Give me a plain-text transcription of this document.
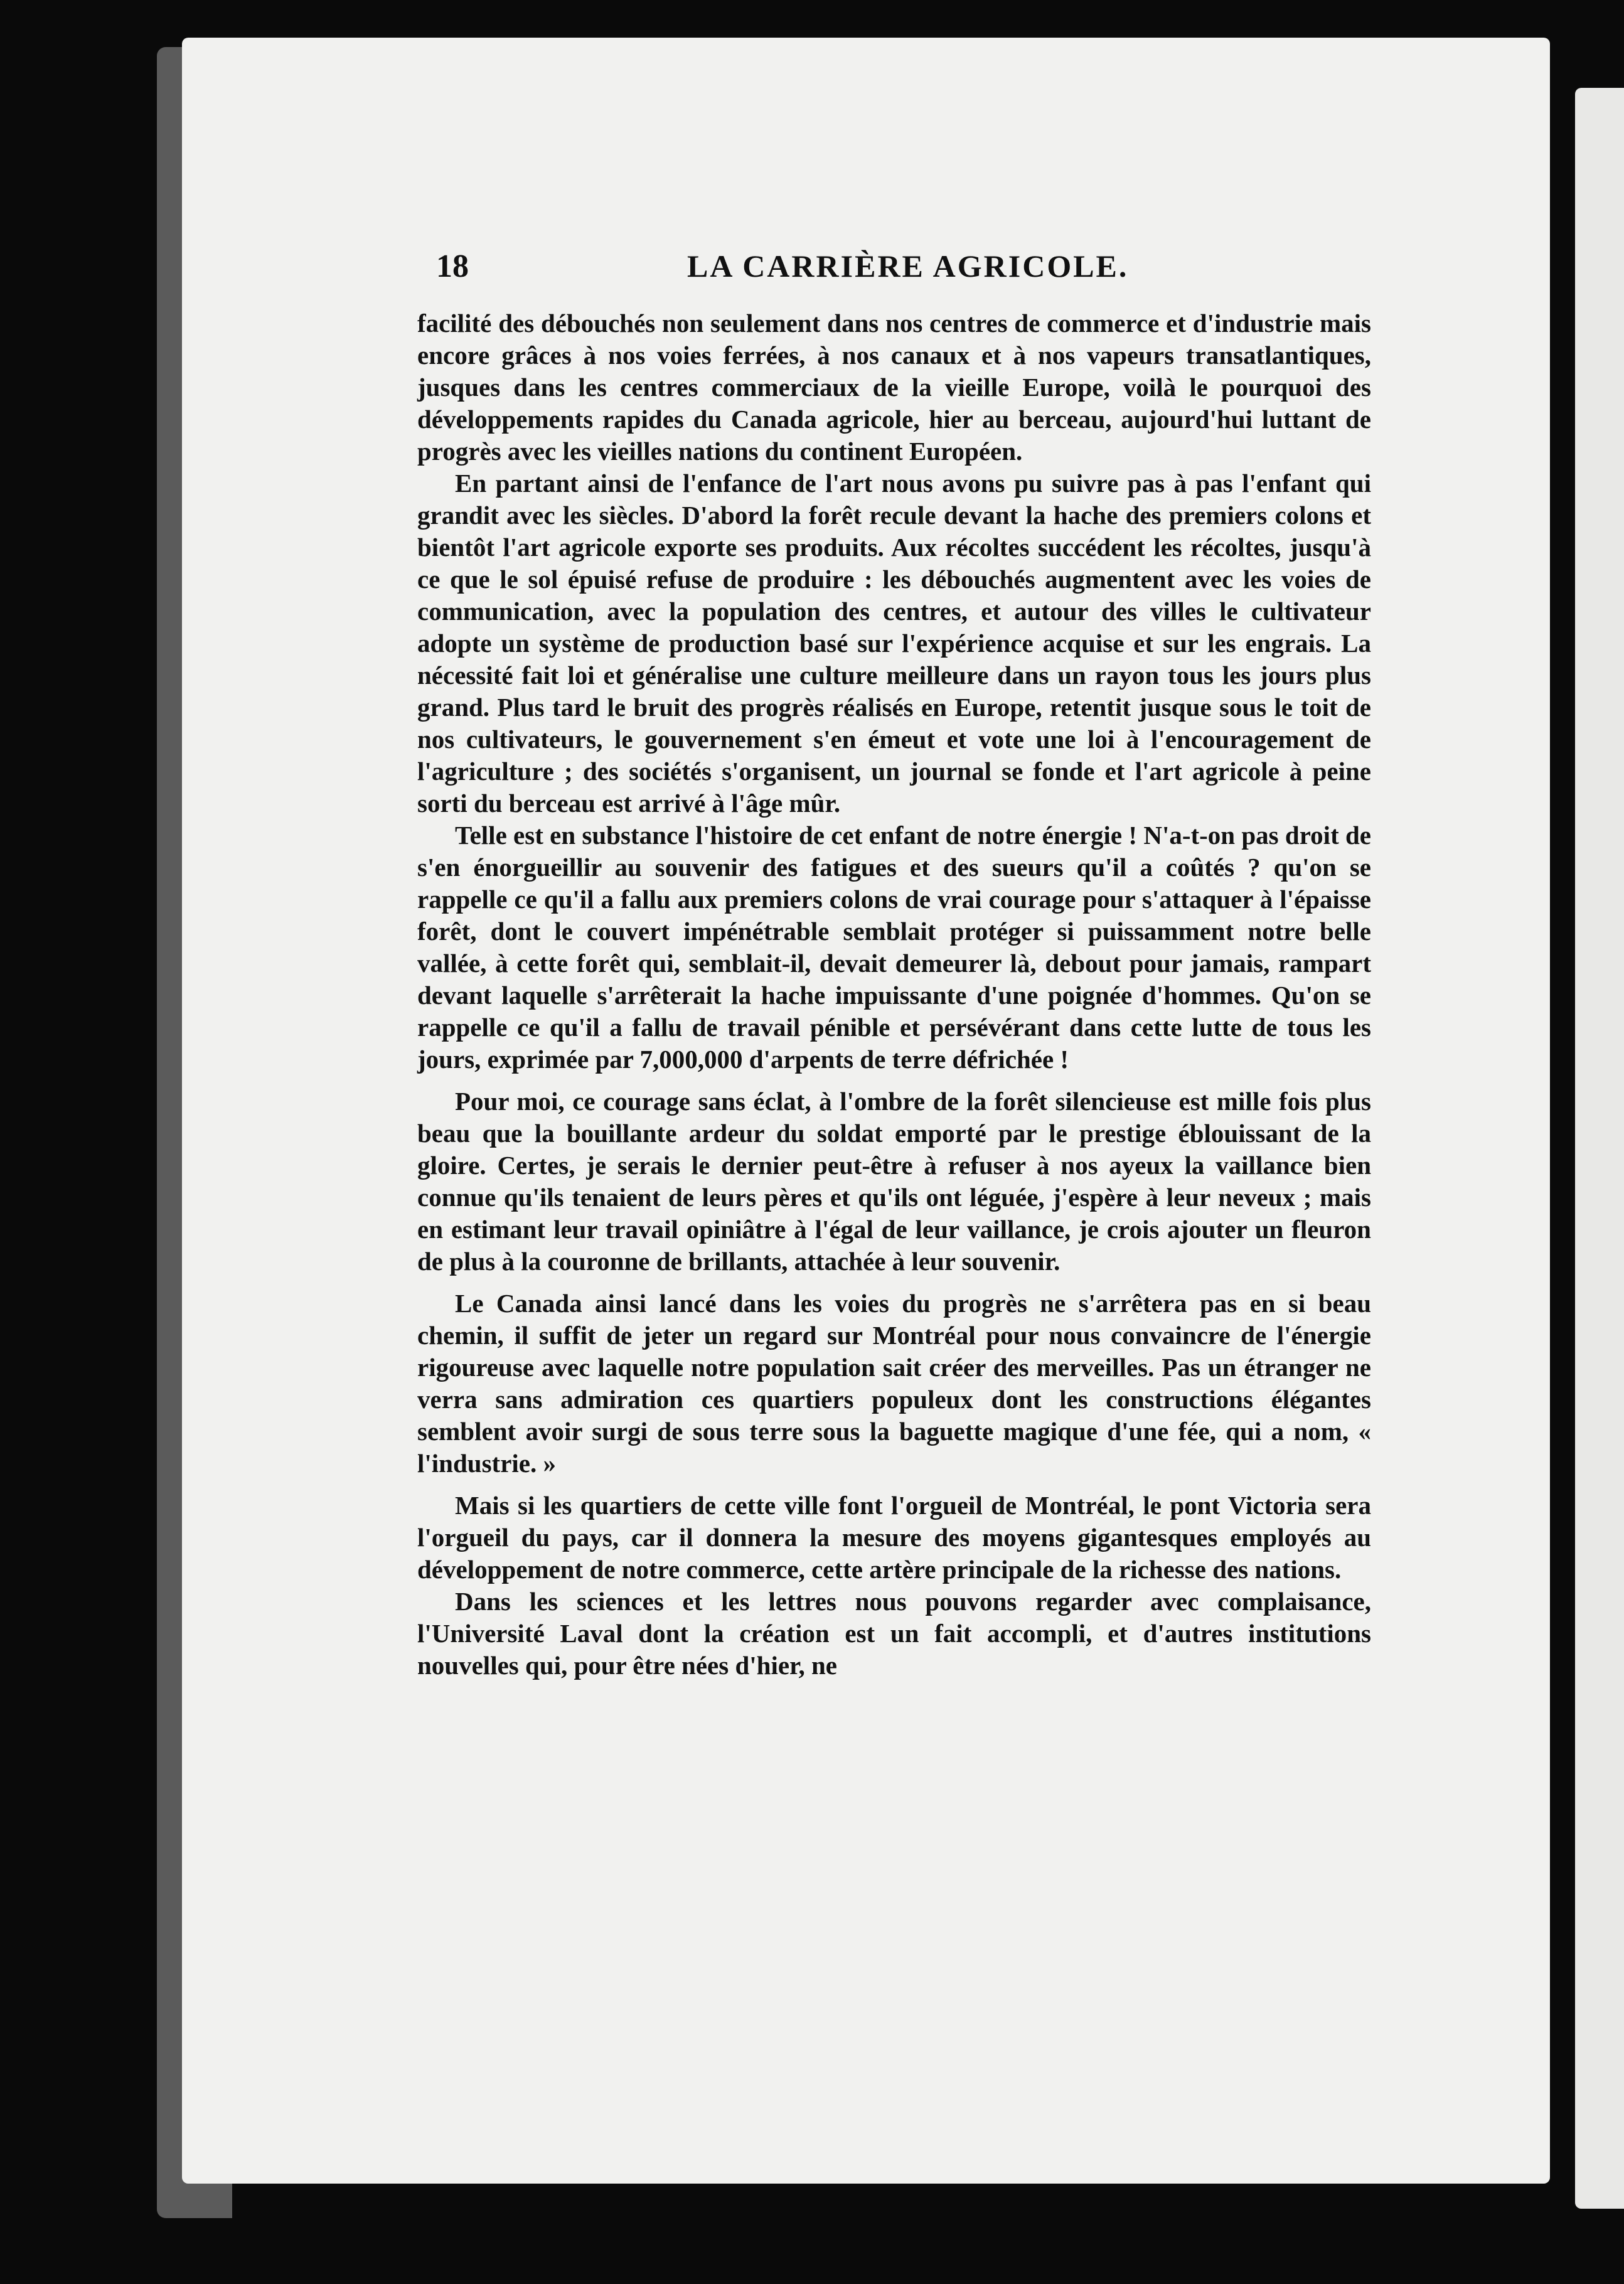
18	LA CARRIÈRE AGRICOLE.

facilité des débouchés non seulement dans nos centres de commerce et d'industrie mais encore grâces à nos voies ferrées, à nos canaux et à nos vapeurs transatlantiques, jusques dans les centres commerciaux de la vieille Europe, voilà le pourquoi des développements rapides du Canada agricole, hier au berceau, aujourd'hui luttant de progrès avec les vieilles nations du continent Européen.

En partant ainsi de l'enfance de l'art nous avons pu suivre pas à pas l'enfant qui grandit avec les siècles. D'abord la forêt recule devant la hache des premiers colons et bientôt l'art agricole exporte ses produits. Aux récoltes succédent les récoltes, jusqu'à ce que le sol épuisé refuse de produire : les débouchés augmentent avec les voies de communication, avec la population des centres, et autour des villes le cultivateur adopte un système de production basé sur l'expérience acquise et sur les engrais. La nécessité fait loi et généralise une culture meilleure dans un rayon tous les jours plus grand. Plus tard le bruit des progrès réalisés en Europe, retentit jusque sous le toit de nos cultivateurs, le gouvernement s'en émeut et vote une loi à l'encouragement de l'agriculture ; des sociétés s'organisent, un journal se fonde et l'art agricole à peine sorti du berceau est arrivé à l'âge mûr.

Telle est en substance l'histoire de cet enfant de notre énergie ! N'a-t-on pas droit de s'en énorgueillir au souvenir des fatigues et des sueurs qu'il a coûtés ? qu'on se rappelle ce qu'il a fallu aux premiers colons de vrai courage pour s'attaquer à l'épaisse forêt, dont le couvert impénétrable semblait protéger si puissamment notre belle vallée, à cette forêt qui, semblait-il, devait demeurer là, debout pour jamais, rampart devant laquelle s'arrêterait la hache impuissante d'une poignée d'hommes. Qu'on se rappelle ce qu'il a fallu de travail pénible et persévérant dans cette lutte de tous les jours, exprimée par 7,000,000 d'arpents de terre défrichée !

Pour moi, ce courage sans éclat, à l'ombre de la forêt silencieuse est mille fois plus beau que la bouillante ardeur du soldat emporté par le prestige éblouissant de la gloire. Certes, je serais le dernier peut-être à refuser à nos ayeux la vaillance bien connue qu'ils tenaient de leurs pères et qu'ils ont léguée, j'espère à leur neveux ; mais en estimant leur travail opiniâtre à l'égal de leur vaillance, je crois ajouter un fleuron de plus à la couronne de brillants, attachée à leur souvenir.

Le Canada ainsi lancé dans les voies du progrès ne s'arrêtera pas en si beau chemin, il suffit de jeter un regard sur Montréal pour nous convaincre de l'énergie rigoureuse avec laquelle notre population sait créer des merveilles. Pas un étranger ne verra sans admiration ces quartiers populeux dont les constructions élégantes semblent avoir surgi de sous terre sous la baguette magique d'une fée, qui a nom, « l'industrie. »

Mais si les quartiers de cette ville font l'orgueil de Montréal, le pont Victoria sera l'orgueil du pays, car il donnera la mesure des moyens gigantesques employés au développement de notre commerce, cette artère principale de la richesse des nations.

Dans les sciences et les lettres nous pouvons regarder avec complaisance, l'Université Laval dont la création est un fait accompli, et d'autres institutions nouvelles qui, pour être nées d'hier, ne
